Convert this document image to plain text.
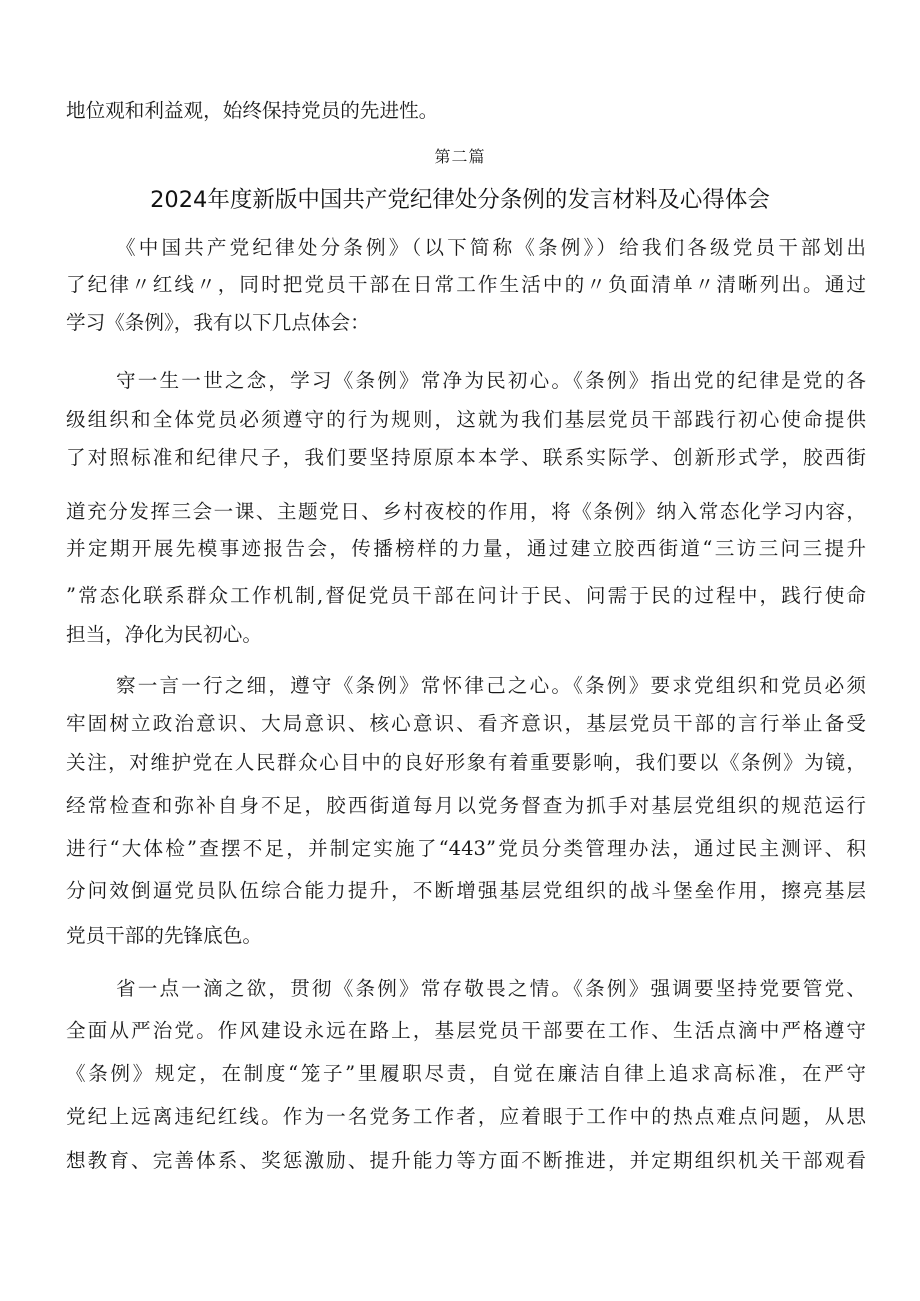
地位观和利益观，始终保持党员的先进性。
第二篇
2024年度新版中国共产党纪律处分条例的发言材料及心得体会
《中国共产党纪律处分条例》（以下简称《条例》）给我们各级党员干部划出
了纪律〃红线〃，同时把党员干部在日常工作生活中的〃负面清单〃清晰列出。通过
学习《条例》，我有以下几点体会：
守一生一世之念，学习《条例》常净为民初心。《条例》指出党的纪律是党的各
级组织和全体党员必须遵守的行为规则，这就为我们基层党员干部践行初心使命提供
了对照标准和纪律尺子，我们要坚持原原本本学、联系实际学、创新形式学，胶西街
道充分发挥三会一课、主题党日、乡村夜校的作用，将《条例》纳入常态化学习内容，
并定期开展先模事迹报告会，传播榜样的力量，通过建立胶西街道“三访三问三提升
”常态化联系群众工作机制,督促党员干部在问计于民、问需于民的过程中，践行使命
担当，净化为民初心。
察一言一行之细，遵守《条例》常怀律己之心。《条例》要求党组织和党员必须
牢固树立政治意识、大局意识、核心意识、看齐意识，基层党员干部的言行举止备受
关注，对维护党在人民群众心目中的良好形象有着重要影响，我们要以《条例》为镜，
经常检查和弥补自身不足，胶西街道每月以党务督查为抓手对基层党组织的规范运行
进行“大体检”查摆不足，并制定实施了“443”党员分类管理办法，通过民主测评、积
分问效倒逼党员队伍综合能力提升，不断增强基层党组织的战斗堡垒作用，擦亮基层
党员干部的先锋底色。
省一点一滴之欲，贯彻《条例》常存敬畏之情。《条例》强调要坚持党要管党、
全面从严治党。作风建设永远在路上，基层党员干部要在工作、生活点滴中严格遵守
《条例》规定，在制度“笼子”里履职尽责，自觉在廉洁自律上追求高标准，在严守
党纪上远离违纪红线。作为一名党务工作者，应着眼于工作中的热点难点问题，从思
想教育、完善体系、奖惩激励、提升能力等方面不断推进，并定期组织机关干部观看
